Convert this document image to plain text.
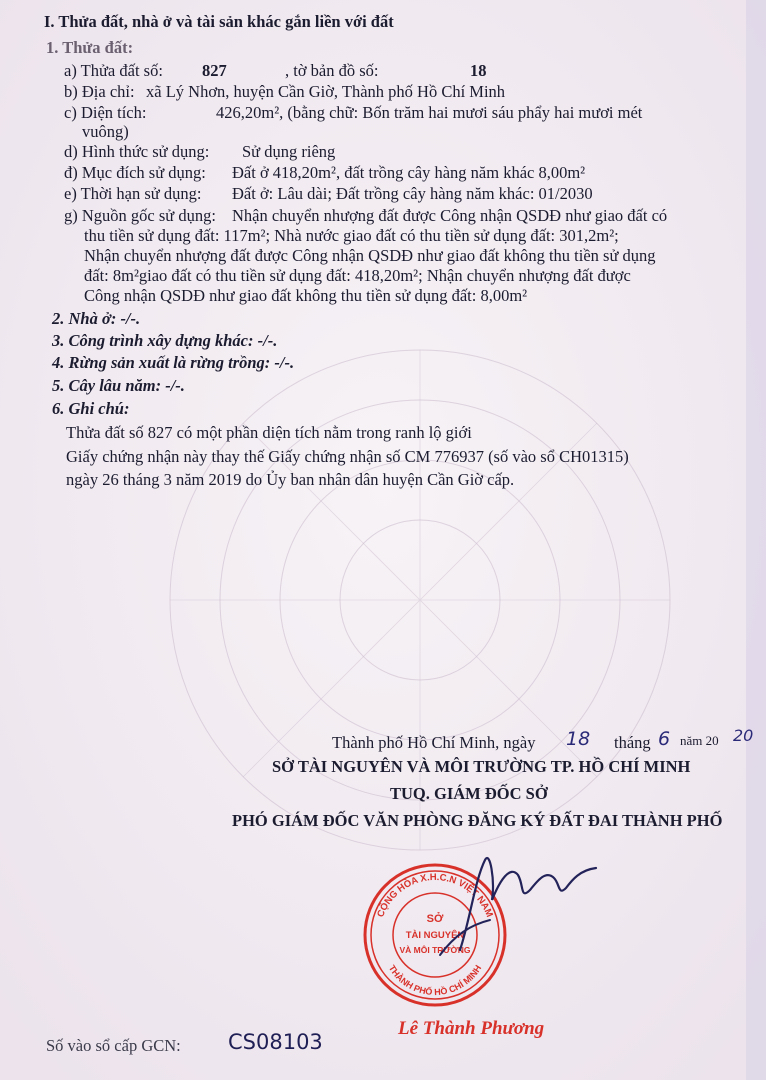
I. Thửa đất, nhà ở và tài sản khác gắn liền với đất
1. Thửa đất:
a) Thửa đất số: 827	, tờ bản đồ số:	18
b) Địa chỉ: xã Lý Nhơn, huyện Cần Giờ, Thành phố Hồ Chí Minh
c) Diện tích:	426,20m², (bằng chữ: Bốn trăm hai mươi sáu phẩy hai mươi mét
vuông)
d) Hình thức sử dụng: Sử dụng riêng
đ) Mục đích sử dụng: Đất ở 418,20m², đất trồng cây hàng năm khác 8,00m²
e) Thời hạn sử dụng: Đất ở: Lâu dài; Đất trồng cây hàng năm khác: 01/2030
g) Nguồn gốc sử dụng: Nhận chuyển nhượng đất được Công nhận QSDĐ như giao đất có
thu tiền sử dụng đất: 117m²; Nhà nước giao đất có thu tiền sử dụng đất: 301,2m²;
Nhận chuyển nhượng đất được Công nhận QSDĐ như giao đất không thu tiền sử dụng
đất: 8m²giao đất có thu tiền sử dụng đất: 418,20m²; Nhận chuyển nhượng đất được
Công nhận QSDĐ như giao đất không thu tiền sử dụng đất: 8,00m²
2. Nhà ở: -/-.
3. Công trình xây dựng khác: -/-.
4. Rừng sản xuất là rừng trồng: -/-.
5. Cây lâu năm: -/-.
6. Ghi chú:
Thửa đất số 827 có một phần diện tích nằm trong ranh lộ giới
Giấy chứng nhận này thay thế Giấy chứng nhận số CM 776937 (số vào sổ CH01315)
ngày 26 tháng 3 năm 2019 do Ủy ban nhân dân huyện Cần Giờ cấp.
Thành phố Hồ Chí Minh, ngày 18 tháng 6 năm 20 20
SỞ TÀI NGUYÊN VÀ MÔI TRƯỜNG TP. HỒ CHÍ MINH
TUQ. GIÁM ĐỐC SỞ
PHÓ GIÁM ĐỐC VĂN PHÒNG ĐĂNG KÝ ĐẤT ĐAI THÀNH PHỐ
CỘNG HÒA X.H.C.N VIỆT NAM
THÀNH PHỐ HỒ CHÍ MINH
SỞ
TÀI NGUYÊN
VÀ MÔI TRƯỜNG
Lê Thành Phương
Số vào sổ cấp GCN: CS08103
